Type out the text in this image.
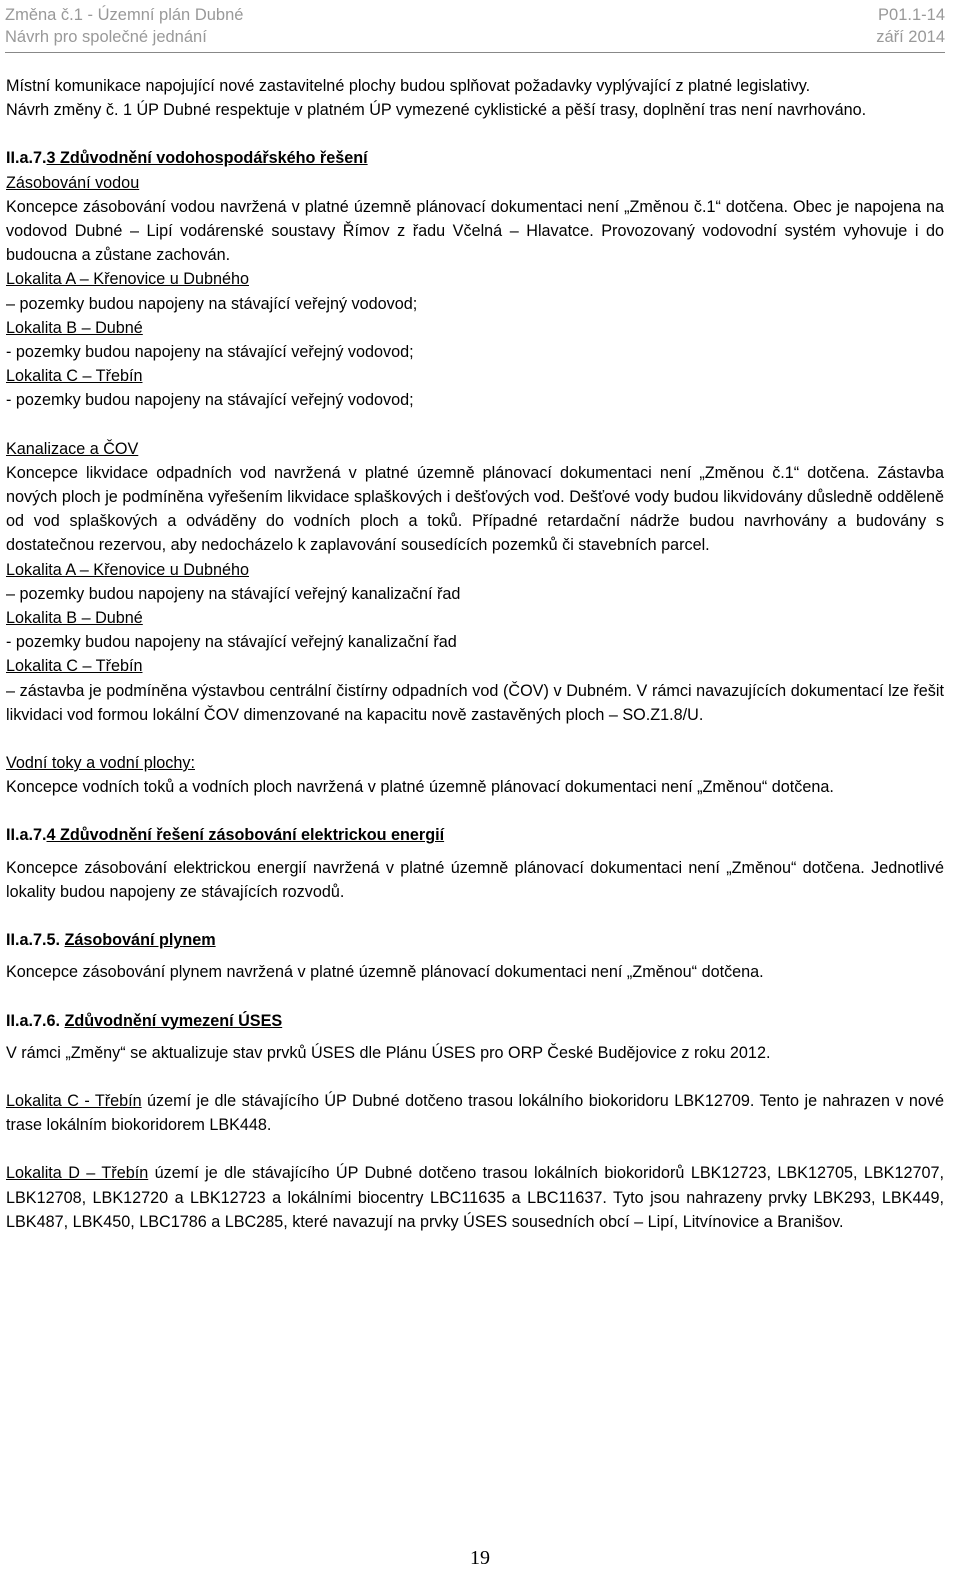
Změna č.1 - Územní plán Dubné	P01.1-14
Návrh pro společné jednání	září 2014

Místní komunikace napojující nové zastavitelné plochy budou splňovat požadavky vyplývající z platné legislativy.

Návrh změny č. 1 ÚP Dubné respektuje v platném ÚP vymezené cyklistické a pěší trasy, doplnění tras není navrhováno.

II.a.7.3 Zdůvodnění vodohospodářského řešení

Zásobování vodou

Koncepce zásobování vodou navržená v platné územně plánovací dokumentaci není „Změnou č.1“ dotčena. Obec je napojena na vodovod Dubné – Lipí vodárenské soustavy Římov z řadu Včelná – Hlavatce. Provozovaný vodovodní systém vyhovuje i do budoucna a zůstane zachován.

Lokalita A – Křenovice u Dubného

– pozemky budou napojeny na stávající veřejný vodovod;

Lokalita B – Dubné

- pozemky budou napojeny na stávající veřejný vodovod;

Lokalita C – Třebín

- pozemky budou napojeny na stávající veřejný vodovod;

Kanalizace a ČOV

Koncepce likvidace odpadních vod navržená v platné územně plánovací dokumentaci není „Změnou č.1“ dotčena. Zástavba nových ploch je podmíněna vyřešením likvidace splaškových i dešťových vod. Dešťové vody budou likvidovány důsledně odděleně od vod splaškových a odváděny do vodních ploch a toků. Případné retardační nádrže budou navrhovány a budovány s dostatečnou rezervou, aby nedocházelo k zaplavování sousedících pozemků či stavebních parcel.

Lokalita A – Křenovice u Dubného

– pozemky budou napojeny na stávající veřejný kanalizační řad

Lokalita B – Dubné

- pozemky budou napojeny na stávající veřejný kanalizační řad

Lokalita C – Třebín

– zástavba je podmíněna výstavbou centrální čistírny odpadních vod (ČOV) v Dubném. V rámci navazujících dokumentací lze řešit likvidaci vod formou lokální ČOV dimenzované na kapacitu nově zastavěných ploch – SO.Z1.8/U.

Vodní toky a vodní plochy:

Koncepce vodních toků a vodních ploch navržená v platné územně plánovací dokumentaci není „Změnou“ dotčena.

II.a.7.4 Zdůvodnění řešení zásobování elektrickou energií

Koncepce zásobování elektrickou energií navržená v platné územně plánovací dokumentaci není „Změnou“ dotčena. Jednotlivé lokality budou napojeny ze stávajících rozvodů.

II.a.7.5. Zásobování plynem

Koncepce zásobování plynem navržená v platné územně plánovací dokumentaci není „Změnou“ dotčena.

II.a.7.6. Zdůvodnění vymezení ÚSES

V rámci „Změny“ se aktualizuje stav prvků ÚSES dle Plánu ÚSES pro ORP České Budějovice z roku 2012.

Lokalita C - Třebín území je dle stávajícího ÚP Dubné dotčeno trasou lokálního biokoridoru LBK12709. Tento je nahrazen v nové trase lokálním biokoridorem LBK448.

Lokalita D – Třebín území je dle stávajícího ÚP Dubné dotčeno trasou lokálních biokoridorů LBK12723, LBK12705, LBK12707, LBK12708, LBK12720 a LBK12723 a lokálními biocentry LBC11635 a LBC11637. Tyto jsou nahrazeny prvky LBK293, LBK449, LBK487, LBK450, LBC1786 a LBC285, které navazují na prvky ÚSES sousedních obcí – Lipí, Litvínovice a Branišov.

19
